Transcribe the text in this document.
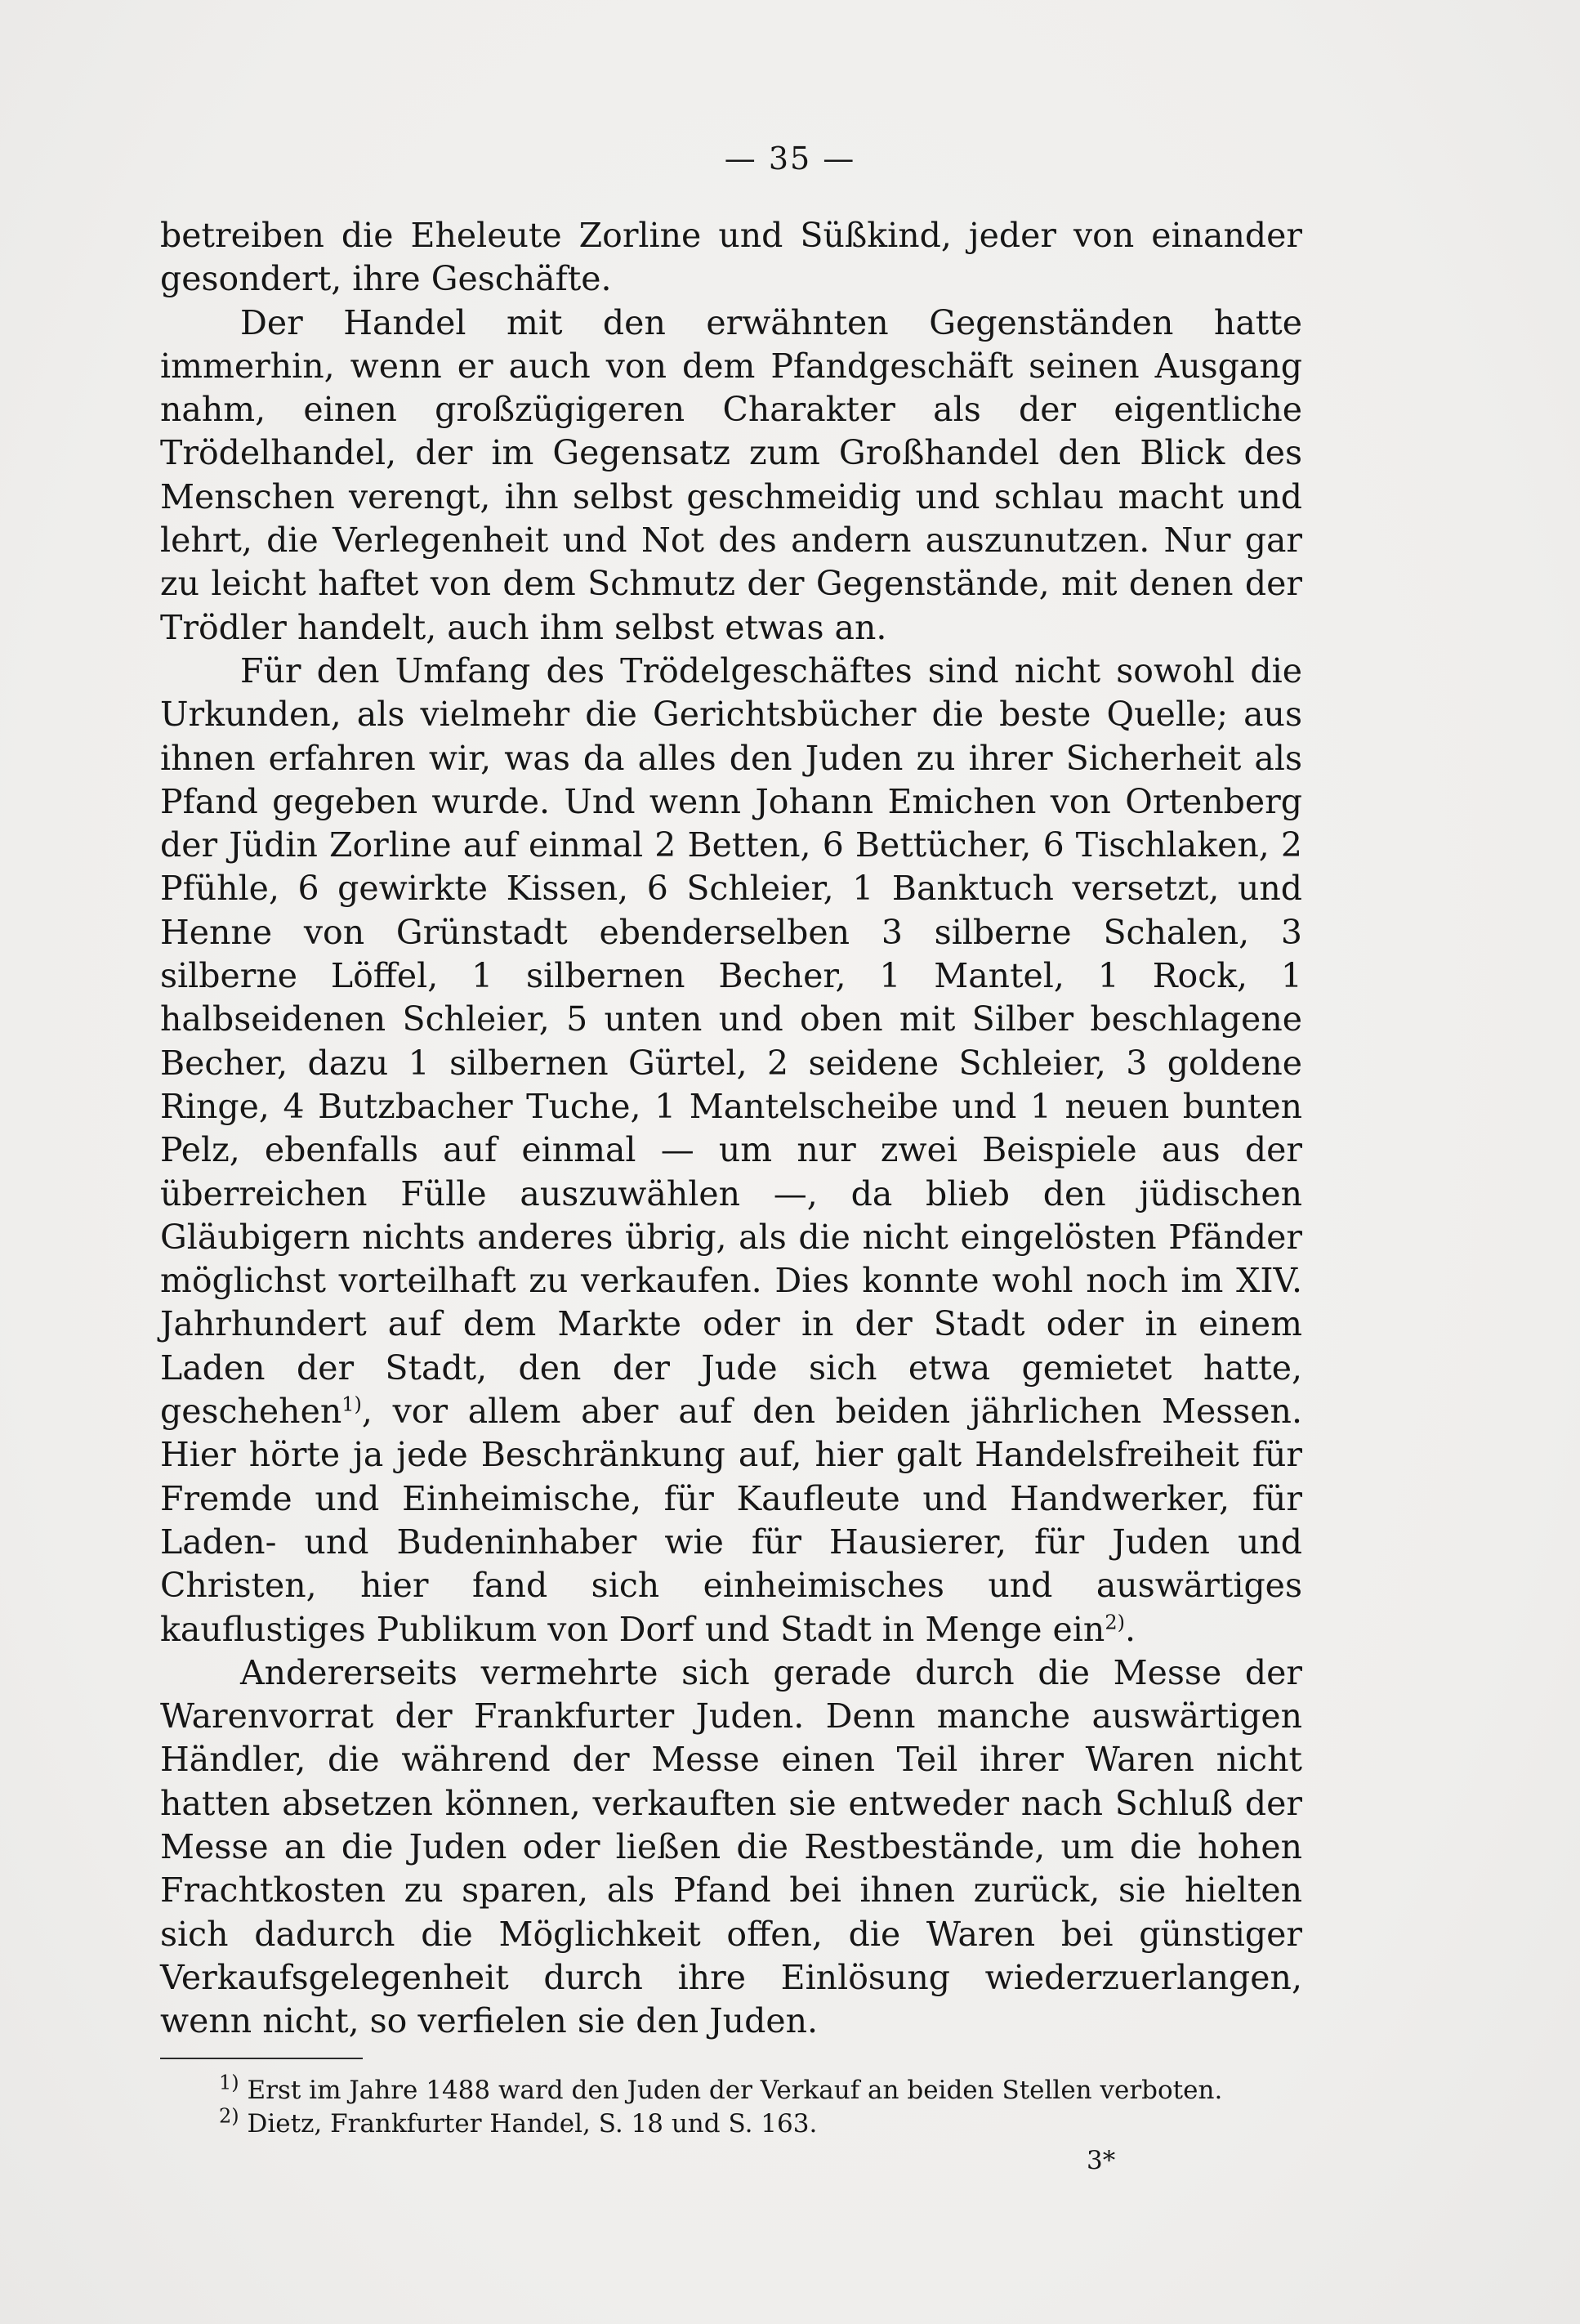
— 35 —

betreiben die Eheleute Zorline und Süßkind, jeder von einander gesondert, ihre Geschäfte.

Der Handel mit den erwähnten Gegenständen hatte immerhin, wenn er auch von dem Pfandgeschäft seinen Ausgang nahm, einen großzügigeren Charakter als der eigentliche Trödelhandel, der im Gegensatz zum Großhandel den Blick des Menschen verengt, ihn selbst geschmeidig und schlau macht und lehrt, die Verlegenheit und Not des andern auszunutzen. Nur gar zu leicht haftet von dem Schmutz der Gegenstände, mit denen der Trödler handelt, auch ihm selbst etwas an.

Für den Umfang des Trödelgeschäftes sind nicht sowohl die Urkunden, als vielmehr die Gerichtsbücher die beste Quelle; aus ihnen erfahren wir, was da alles den Juden zu ihrer Sicherheit als Pfand gegeben wurde. Und wenn Johann Emichen von Ortenberg der Jüdin Zorline auf einmal 2 Betten, 6 Bettücher, 6 Tischlaken, 2 Pfühle, 6 gewirkte Kissen, 6 Schleier, 1 Banktuch versetzt, und Henne von Grünstadt ebenderselben 3 silberne Schalen, 3 silberne Löffel, 1 silbernen Becher, 1 Mantel, 1 Rock, 1 halbseidenen Schleier, 5 unten und oben mit Silber beschlagene Becher, dazu 1 silbernen Gürtel, 2 seidene Schleier, 3 goldene Ringe, 4 Butzbacher Tuche, 1 Mantelscheibe und 1 neuen bunten Pelz, ebenfalls auf einmal — um nur zwei Beispiele aus der überreichen Fülle auszuwählen —, da blieb den jüdischen Gläubigern nichts anderes übrig, als die nicht eingelösten Pfänder möglichst vorteilhaft zu verkaufen. Dies konnte wohl noch im XIV. Jahrhundert auf dem Markte oder in der Stadt oder in einem Laden der Stadt, den der Jude sich etwa gemietet hatte, geschehen$^{1)}$, vor allem aber auf den beiden jährlichen Messen. Hier hörte ja jede Beschränkung auf, hier galt Handelsfreiheit für Fremde und Einheimische, für Kaufleute und Handwerker, für Laden- und Budeninhaber wie für Hausierer, für Juden und Christen, hier fand sich einheimisches und auswärtiges kauflustiges Publikum von Dorf und Stadt in Menge ein$^{2)}$.

Andererseits vermehrte sich gerade durch die Messe der Warenvorrat der Frankfurter Juden. Denn manche auswärtigen Händler, die während der Messe einen Teil ihrer Waren nicht hatten absetzen können, verkauften sie entweder nach Schluß der Messe an die Juden oder ließen die Restbestände, um die hohen Frachtkosten zu sparen, als Pfand bei ihnen zurück, sie hielten sich dadurch die Möglichkeit offen, die Waren bei günstiger Verkaufsgelegenheit durch ihre Einlösung wiederzuerlangen, wenn nicht, so verfielen sie den Juden.

$^{1)}$ Erst im Jahre 1488 ward den Juden der Verkauf an beiden Stellen verboten.

$^{2)}$ Dietz, Frankfurter Handel, S. 18 und S. 163.

3*
